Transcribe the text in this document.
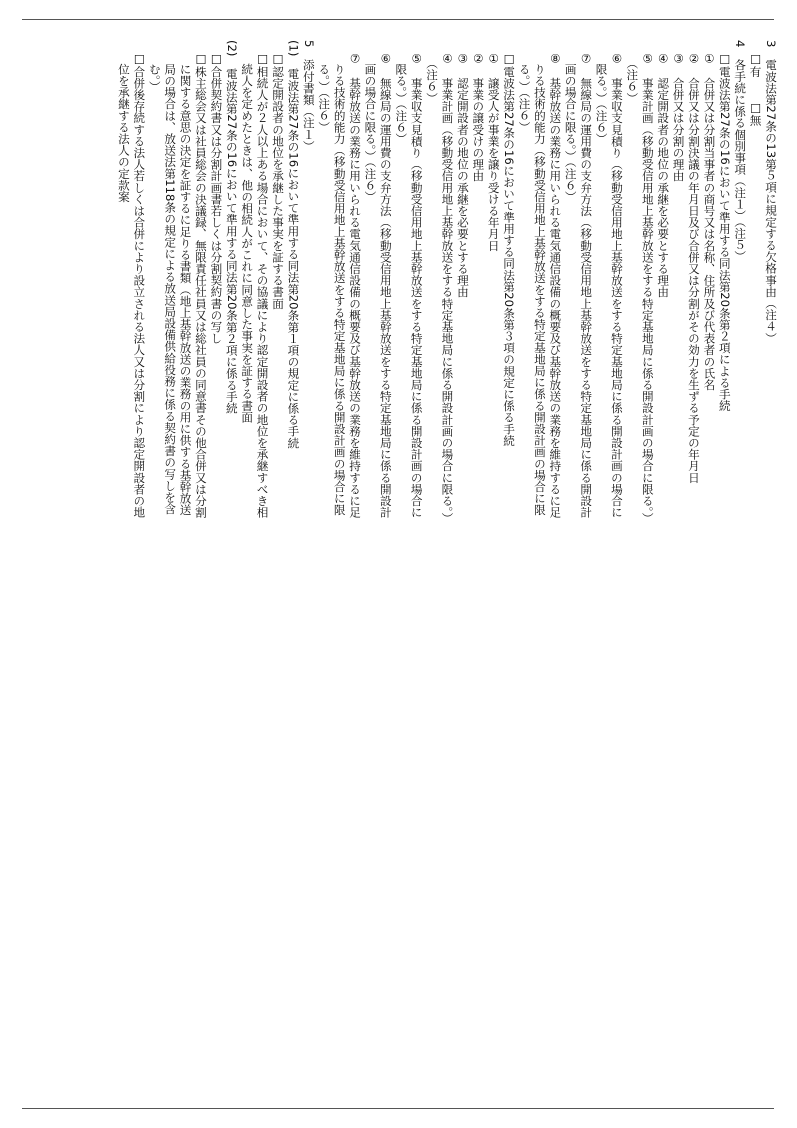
3　電波法第27条の13第５項に規定する欠格事由（注４）
　□有　　□無
4　各手続に係る個別事項（注１）（注５）
　□電波法第27条の16において準用する同法第20条第２項による手続
　①　合併又は分割当事者の商号又は名称、住所及び代表者の氏名
　②　合併又は分割決議の年月日及び合併又は分割がその効力を生ずる予定の年月日
　③　合併又は分割の理由
　④　認定開設者の地位の承継を必要とする理由
　⑤　事業計画（移動受信用地上基幹放送をする特定基地局に係る開設計画の場合に限る。）
　　（注６）
　⑥　事業収支見積り（移動受信用地上基幹放送をする特定基地局に係る開設計画の場合に
　　限る。）（注６）
　⑦　無線局の運用費の支弁方法（移動受信用地上基幹放送をする特定基地局に係る開設計
　　画の場合に限る。）（注６）
　⑧　基幹放送の業務に用いられる電気通信設備の概要及び基幹放送の業務を維持するに足
　　りる技術的能力（移動受信用地上基幹放送をする特定基地局に係る開設計画の場合に限
　　る。）（注６）
　□電波法第27条の16において準用する同法第20条第３項の規定に係る手続
　①　譲受人が事業を譲り受ける年月日
　②　事業の譲受けの理由
　③　認定開設者の地位の承継を必要とする理由
　④　事業計画（移動受信用地上基幹放送をする特定基地局に係る開設計画の場合に限る。）
　　（注６）
　⑤　事業収支見積り（移動受信用地上基幹放送をする特定基地局に係る開設計画の場合に
　　限る。）（注６）
　⑥　無線局の運用費の支弁方法（移動受信用地上基幹放送をする特定基地局に係る開設計
　　画の場合に限る。）（注６）
　⑦　基幹放送の業務に用いられる電気通信設備の概要及び基幹放送の業務を維持するに足
　　りる技術的能力（移動受信用地上基幹放送をする特定基地局に係る開設計画の場合に限
　　る。）（注６）
5　添付書類（注１）
(1)　電波法第27条の16において準用する同法第20条第１項の規定に係る手続
　□認定開設者の地位を承継した事実を証する書面
　□相続人が２人以上ある場合において、その協議により認定開設者の地位を承継すべき相
　　続人を定めたときは、他の相続人がこれに同意した事実を証する書面
(2)　電波法第27条の16において準用する同法第20条第２項に係る手続
　□合併契約書又は分割計画書若しくは分割契約書の写し
　□株主総会又は社員総会の決議録、無限責任社員又は総社員の同意書その他合併又は分割
　　に関する意思の決定を証するに足りる書類（地上基幹放送の業務の用に供する基幹放送
　　局の場合は、放送法第118条の規定による放送局設備供給役務に係る契約書の写しを含
　　む。）
　□合併後存続する法人若しくは合併により設立される法人又は分割により認定開設者の地
　　位を承継する法人の定款案
